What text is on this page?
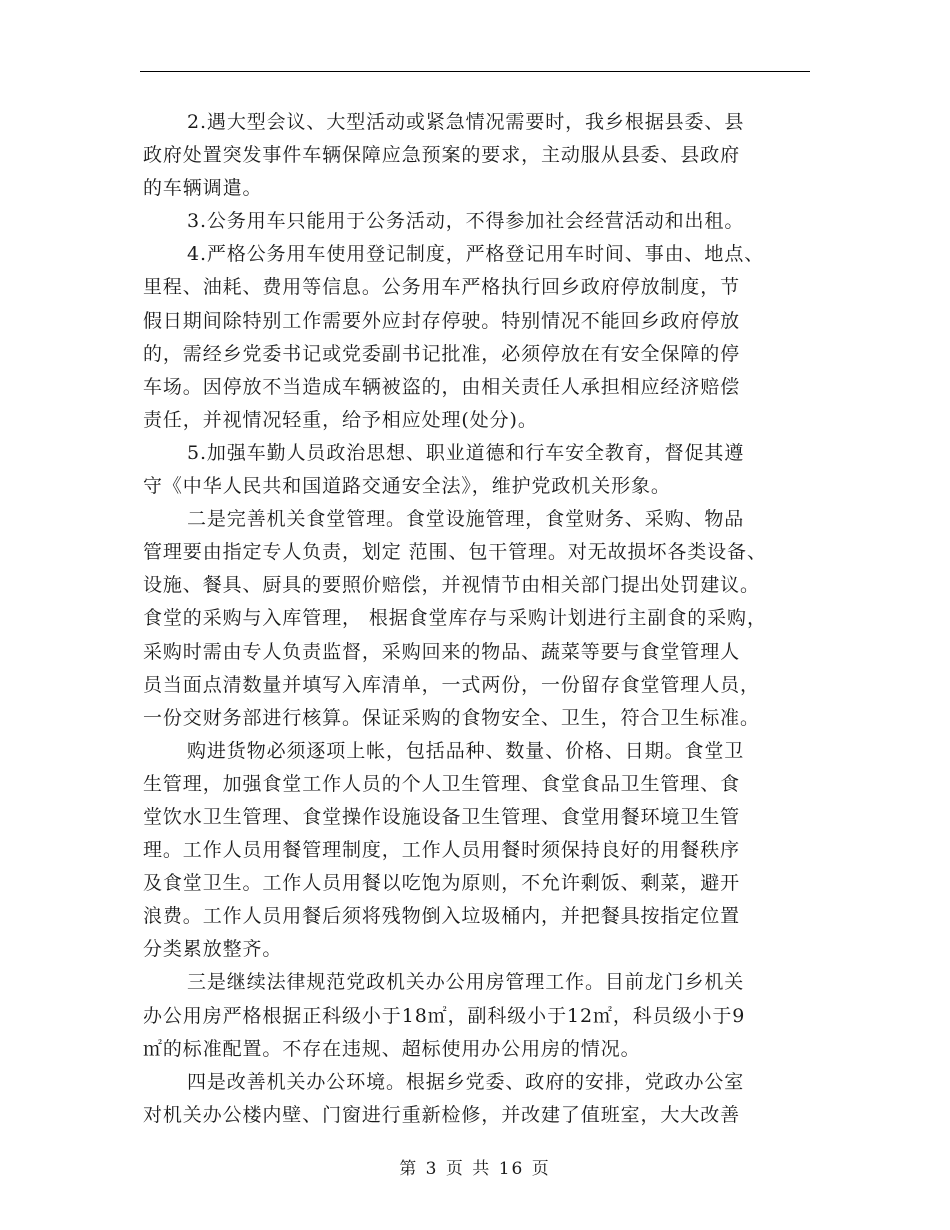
2.遇大型会议、大型活动或紧急情况需要时，我乡根据县委、县
政府处置突发事件车辆保障应急预案的要求，主动服从县委、县政府
的车辆调遣。
3.公务用车只能用于公务活动，不得参加社会经营活动和出租。
4.严格公务用车使用登记制度，严格登记用车时间、事由、地点、
里程、油耗、费用等信息。公务用车严格执行回乡政府停放制度，节
假日期间除特别工作需要外应封存停驶。特别情况不能回乡政府停放
的，需经乡党委书记或党委副书记批准，必须停放在有安全保障的停
车场。因停放不当造成车辆被盗的，由相关责任人承担相应经济赔偿
责任，并视情况轻重，给予相应处理(处分)。
5.加强车勤人员政治思想、职业道德和行车安全教育，督促其遵
守《中华人民共和国道路交通安全法》，维护党政机关形象。
二是完善机关食堂管理。食堂设施管理，食堂财务、采购、物品
管理要由指定专人负责，划定 范围、包干管理。对无故损坏各类设备、
设施、餐具、厨具的要照价赔偿，并视情节由相关部门提出处罚建议。
食堂的采购与入库管理， 根据食堂库存与采购计划进行主副食的采购，
采购时需由专人负责监督，采购回来的物品、蔬菜等要与食堂管理人
员当面点清数量并填写入库清单，一式两份，一份留存食堂管理人员，
一份交财务部进行核算。保证采购的食物安全、卫生，符合卫生标准。
购进货物必须逐项上帐，包括品种、数量、价格、日期。食堂卫
生管理，加强食堂工作人员的个人卫生管理、食堂食品卫生管理、食
堂饮水卫生管理、食堂操作设施设备卫生管理、食堂用餐环境卫生管
理。工作人员用餐管理制度，工作人员用餐时须保持良好的用餐秩序
及食堂卫生。工作人员用餐以吃饱为原则，不允许剩饭、剩菜，避开
浪费。工作人员用餐后须将残物倒入垃圾桶内，并把餐具按指定位置
分类累放整齐。
三是继续法律规范党政机关办公用房管理工作。目前龙门乡机关
办公用房严格根据正科级小于18㎡，副科级小于12㎡，科员级小于9
㎡的标准配置。不存在违规、超标使用办公用房的情况。
四是改善机关办公环境。根据乡党委、政府的安排，党政办公室
对机关办公楼内壁、门窗进行重新检修，并改建了值班室，大大改善
第 3 页 共 16 页
